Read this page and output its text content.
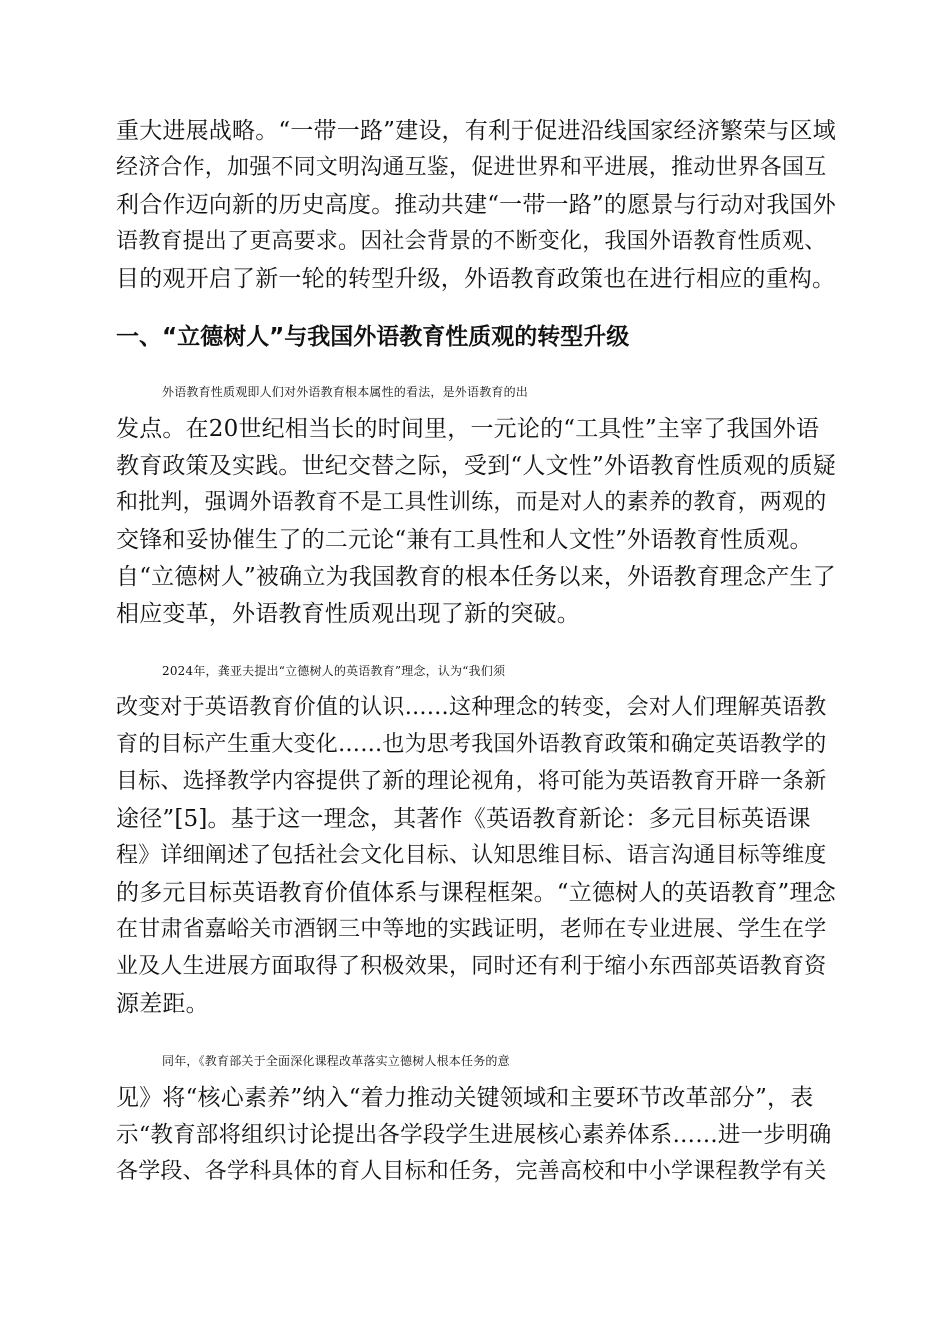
重大进展战略。“一带一路”建设，有利于促进沿线国家经济繁荣与区域
经济合作，加强不同文明沟通互鉴，促进世界和平进展，推动世界各国互
利合作迈向新的历史高度。推动共建“一带一路”的愿景与行动对我国外
语教育提出了更高要求。因社会背景的不断变化，我国外语教育性质观、
目的观开启了新一轮的转型升级，外语教育政策也在进行相应的重构。
一、“立德树人”与我国外语教育性质观的转型升级
外语教育性质观即人们对外语教育根本属性的看法，是外语教育的出
发点。在20世纪相当长的时间里，一元论的“工具性”主宰了我国外语
教育政策及实践。世纪交替之际，受到“人文性”外语教育性质观的质疑
和批判，强调外语教育不是工具性训练，而是对人的素养的教育，两观的
交锋和妥协催生了的二元论“兼有工具性和人文性”外语教育性质观。
自“立德树人”被确立为我国教育的根本任务以来，外语教育理念产生了
相应变革，外语教育性质观出现了新的突破。
2024年，龚亚夫提出“立德树人的英语教育”理念，认为“我们须
改变对于英语教育价值的认识……这种理念的转变，会对人们理解英语教
育的目标产生重大变化……也为思考我国外语教育政策和确定英语教学的
目标、选择教学内容提供了新的理论视角，将可能为英语教育开辟一条新
途径”[5]。基于这一理念，其著作《英语教育新论：多元目标英语课
程》详细阐述了包括社会文化目标、认知思维目标、语言沟通目标等维度
的多元目标英语教育价值体系与课程框架。“立德树人的英语教育”理念
在甘肃省嘉峪关市酒钢三中等地的实践证明，老师在专业进展、学生在学
业及人生进展方面取得了积极效果，同时还有利于缩小东西部英语教育资
源差距。
同年，《教育部关于全面深化课程改革落实立德树人根本任务的意
见》将“核心素养”纳入“着力推动关键领域和主要环节改革部分”，表
示“教育部将组织讨论提出各学段学生进展核心素养体系……进一步明确
各学段、各学科具体的育人目标和任务，完善高校和中小学课程教学有关
